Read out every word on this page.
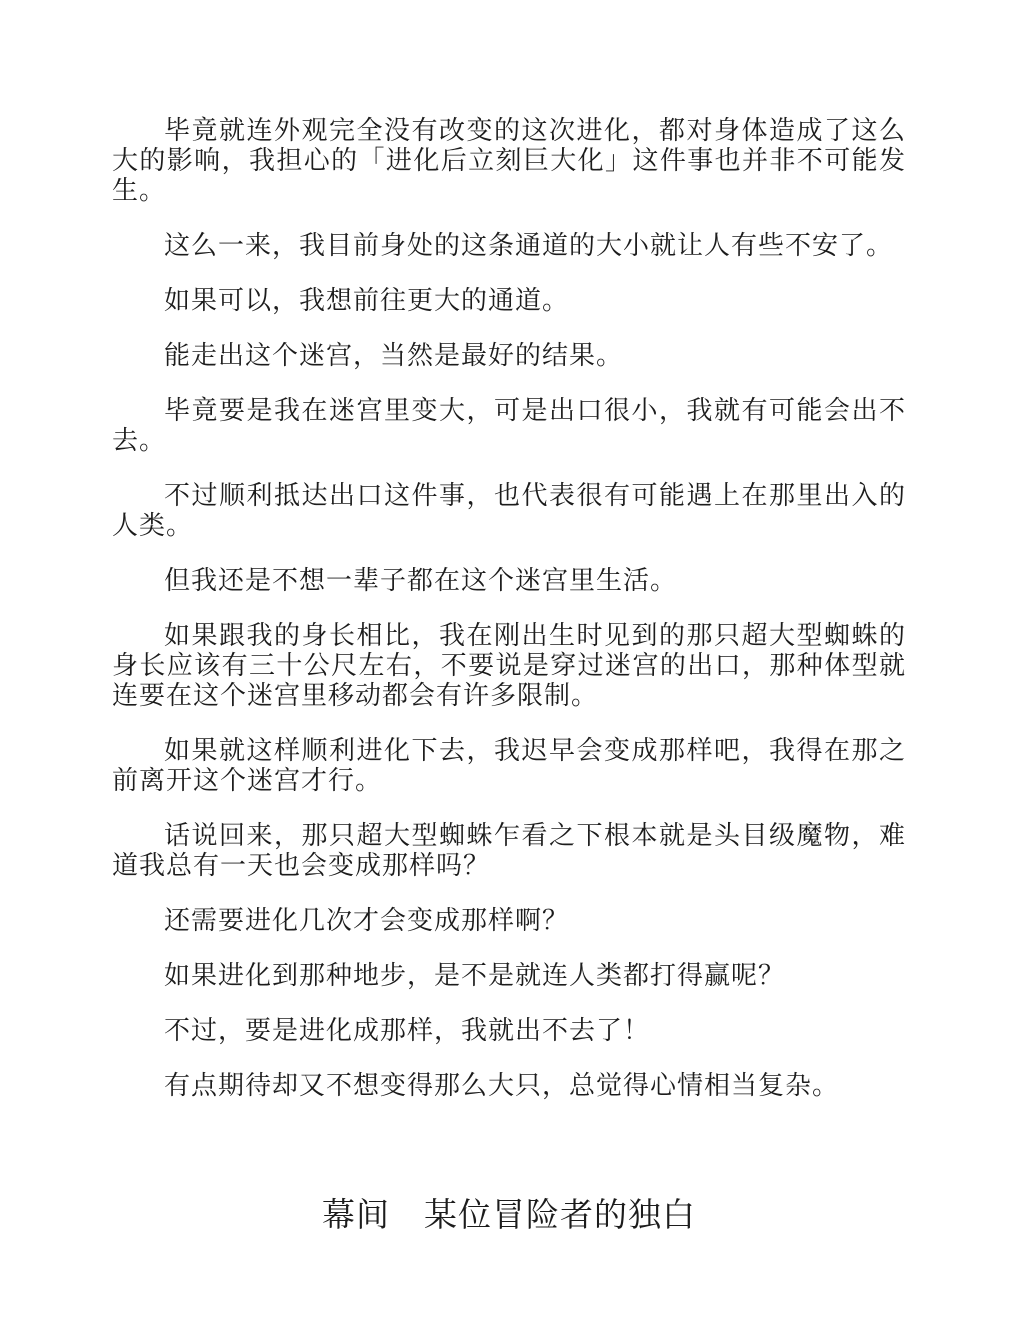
毕竟就连外观完全没有改变的这次进化，都对身体造成了这么大的影响，我担心的「进化后立刻巨大化」这件事也并非不可能发生。

这么一来，我目前身处的这条通道的大小就让人有些不安了。

如果可以，我想前往更大的通道。

能走出这个迷宫，当然是最好的结果。

毕竟要是我在迷宫里变大，可是出口很小，我就有可能会出不去。

不过顺利抵达出口这件事，也代表很有可能遇上在那里出入的人类。

但我还是不想一辈子都在这个迷宫里生活。

如果跟我的身长相比，我在刚出生时见到的那只超大型蜘蛛的身长应该有三十公尺左右，不要说是穿过迷宫的出口，那种体型就连要在这个迷宫里移动都会有许多限制。

如果就这样顺利进化下去，我迟早会变成那样吧，我得在那之前离开这个迷宫才行。

话说回来，那只超大型蜘蛛乍看之下根本就是头目级魔物，难道我总有一天也会变成那样吗？

还需要进化几次才会变成那样啊？

如果进化到那种地步，是不是就连人类都打得赢呢？

不过，要是进化成那样，我就出不去了！

有点期待却又不想变得那么大只，总觉得心情相当复杂。

幕间　某位冒险者的独白
